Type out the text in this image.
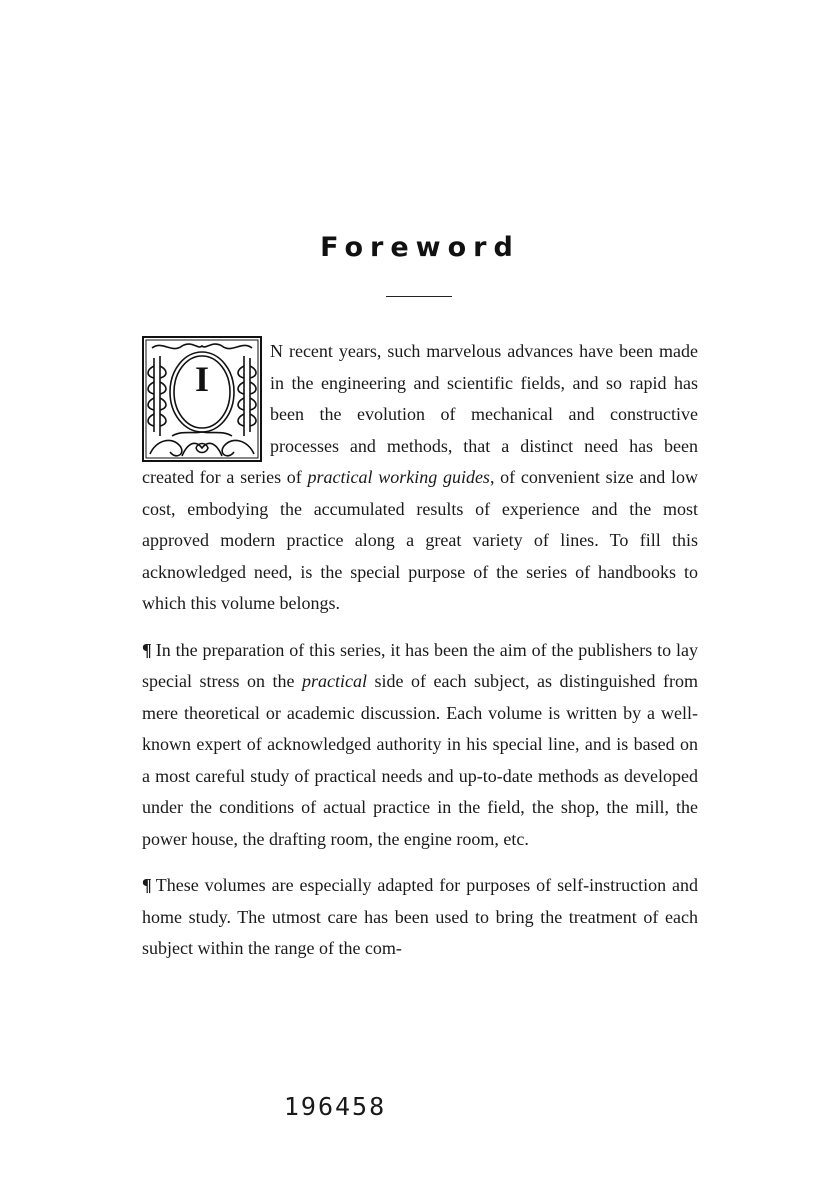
Foreword

I
N recent years, such marvelous advances have been made in the engineering and scientific fields, and so rapid has been the evolution of mechanical and constructive processes and methods, that a distinct need has been created for a series of practical working guides, of convenient size and low cost, embodying the accumulated results of experience and the most approved modern practice along a great variety of lines. To fill this acknowledged need, is the special purpose of the series of handbooks to which this volume belongs.

¶ In the preparation of this series, it has been the aim of the publishers to lay special stress on the practical side of each subject, as distinguished from mere theoretical or academic discussion. Each volume is written by a well-known expert of acknowledged authority in his special line, and is based on a most careful study of practical needs and up-to-date methods as developed under the conditions of actual practice in the field, the shop, the mill, the power house, the drafting room, the engine room, etc.

¶ These volumes are especially adapted for purposes of self-instruction and home study. The utmost care has been used to bring the treatment of each subject within the range of the com-

196458
